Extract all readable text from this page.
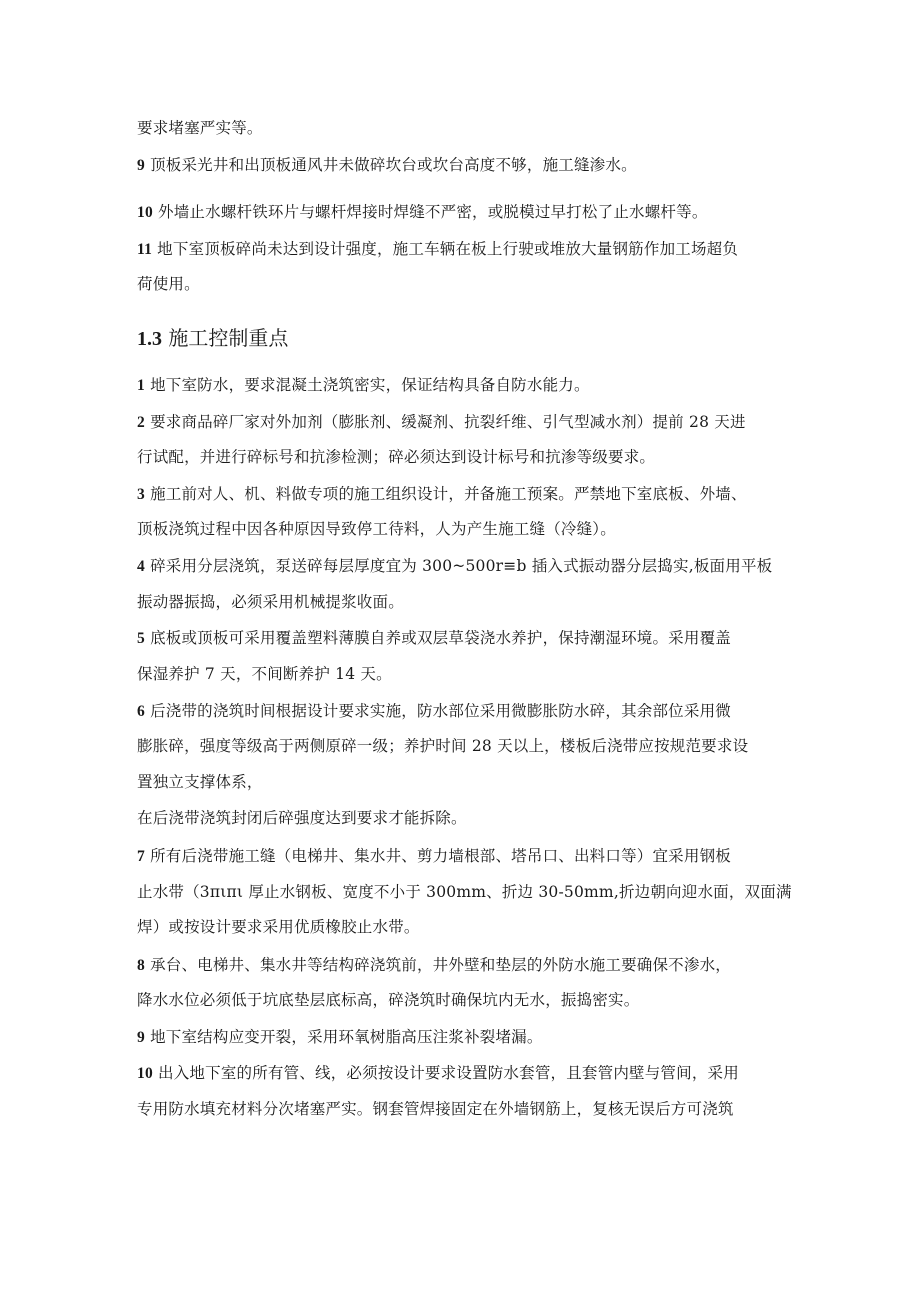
要求堵塞严实等。
9 顶板采光井和出顶板通风井未做碎坎台或坎台高度不够，施工缝渗水。
10 外墙止水螺杆铁环片与螺杆焊接时焊缝不严密，或脱模过早打松了止水螺杆等。
11 地下室顶板碎尚未达到设计强度，施工车辆在板上行驶或堆放大量钢筋作加工场超负
荷使用。
1.3 施工控制重点
1 地下室防水，要求混凝土浇筑密实，保证结构具备自防水能力。
2 要求商品碎厂家对外加剂（膨胀剂、缓凝剂、抗裂纤维、引气型减水剂）提前 28 天进
行试配，并进行碎标号和抗渗检测；碎必须达到设计标号和抗渗等级要求。
3 施工前对人、机、料做专项的施工组织设计，并备施工预案。严禁地下室底板、外墙、
顶板浇筑过程中因各种原因导致停工待料，人为产生施工缝（冷缝）。
4 碎采用分层浇筑，泵送碎每层厚度宜为 300~500r≡b 插入式振动器分层捣实,板面用平板
振动器振捣，必须采用机械提浆收面。
5 底板或顶板可采用覆盖塑料薄膜自养或双层草袋浇水养护，保持潮湿环境。采用覆盖
保湿养护 7 天，不间断养护 14 天。
6 后浇带的浇筑时间根据设计要求实施，防水部位采用微膨胀防水碎，其余部位采用微
膨胀碎，强度等级高于两侧原碎一级；养护时间 28 天以上，楼板后浇带应按规范要求设
置独立支撑体系，
在后浇带浇筑封闭后碎强度达到要求才能拆除。
7 所有后浇带施工缝（电梯井、集水井、剪力墙根部、塔吊口、出料口等）宜采用钢板
止水带（3πιπι 厚止水钢板、宽度不小于 300mm、折边 30-50mm,折边朝向迎水面，双面满
焊）或按设计要求采用优质橡胶止水带。
8 承台、电梯井、集水井等结构碎浇筑前，井外壁和垫层的外防水施工要确保不渗水，
降水水位必须低于坑底垫层底标高，碎浇筑时确保坑内无水，振捣密实。
9 地下室结构应变开裂，采用环氧树脂高压注浆补裂堵漏。
10 出入地下室的所有管、线，必须按设计要求设置防水套管，且套管内壁与管间，采用
专用防水填充材料分次堵塞严实。钢套管焊接固定在外墙钢筋上，复核无误后方可浇筑
